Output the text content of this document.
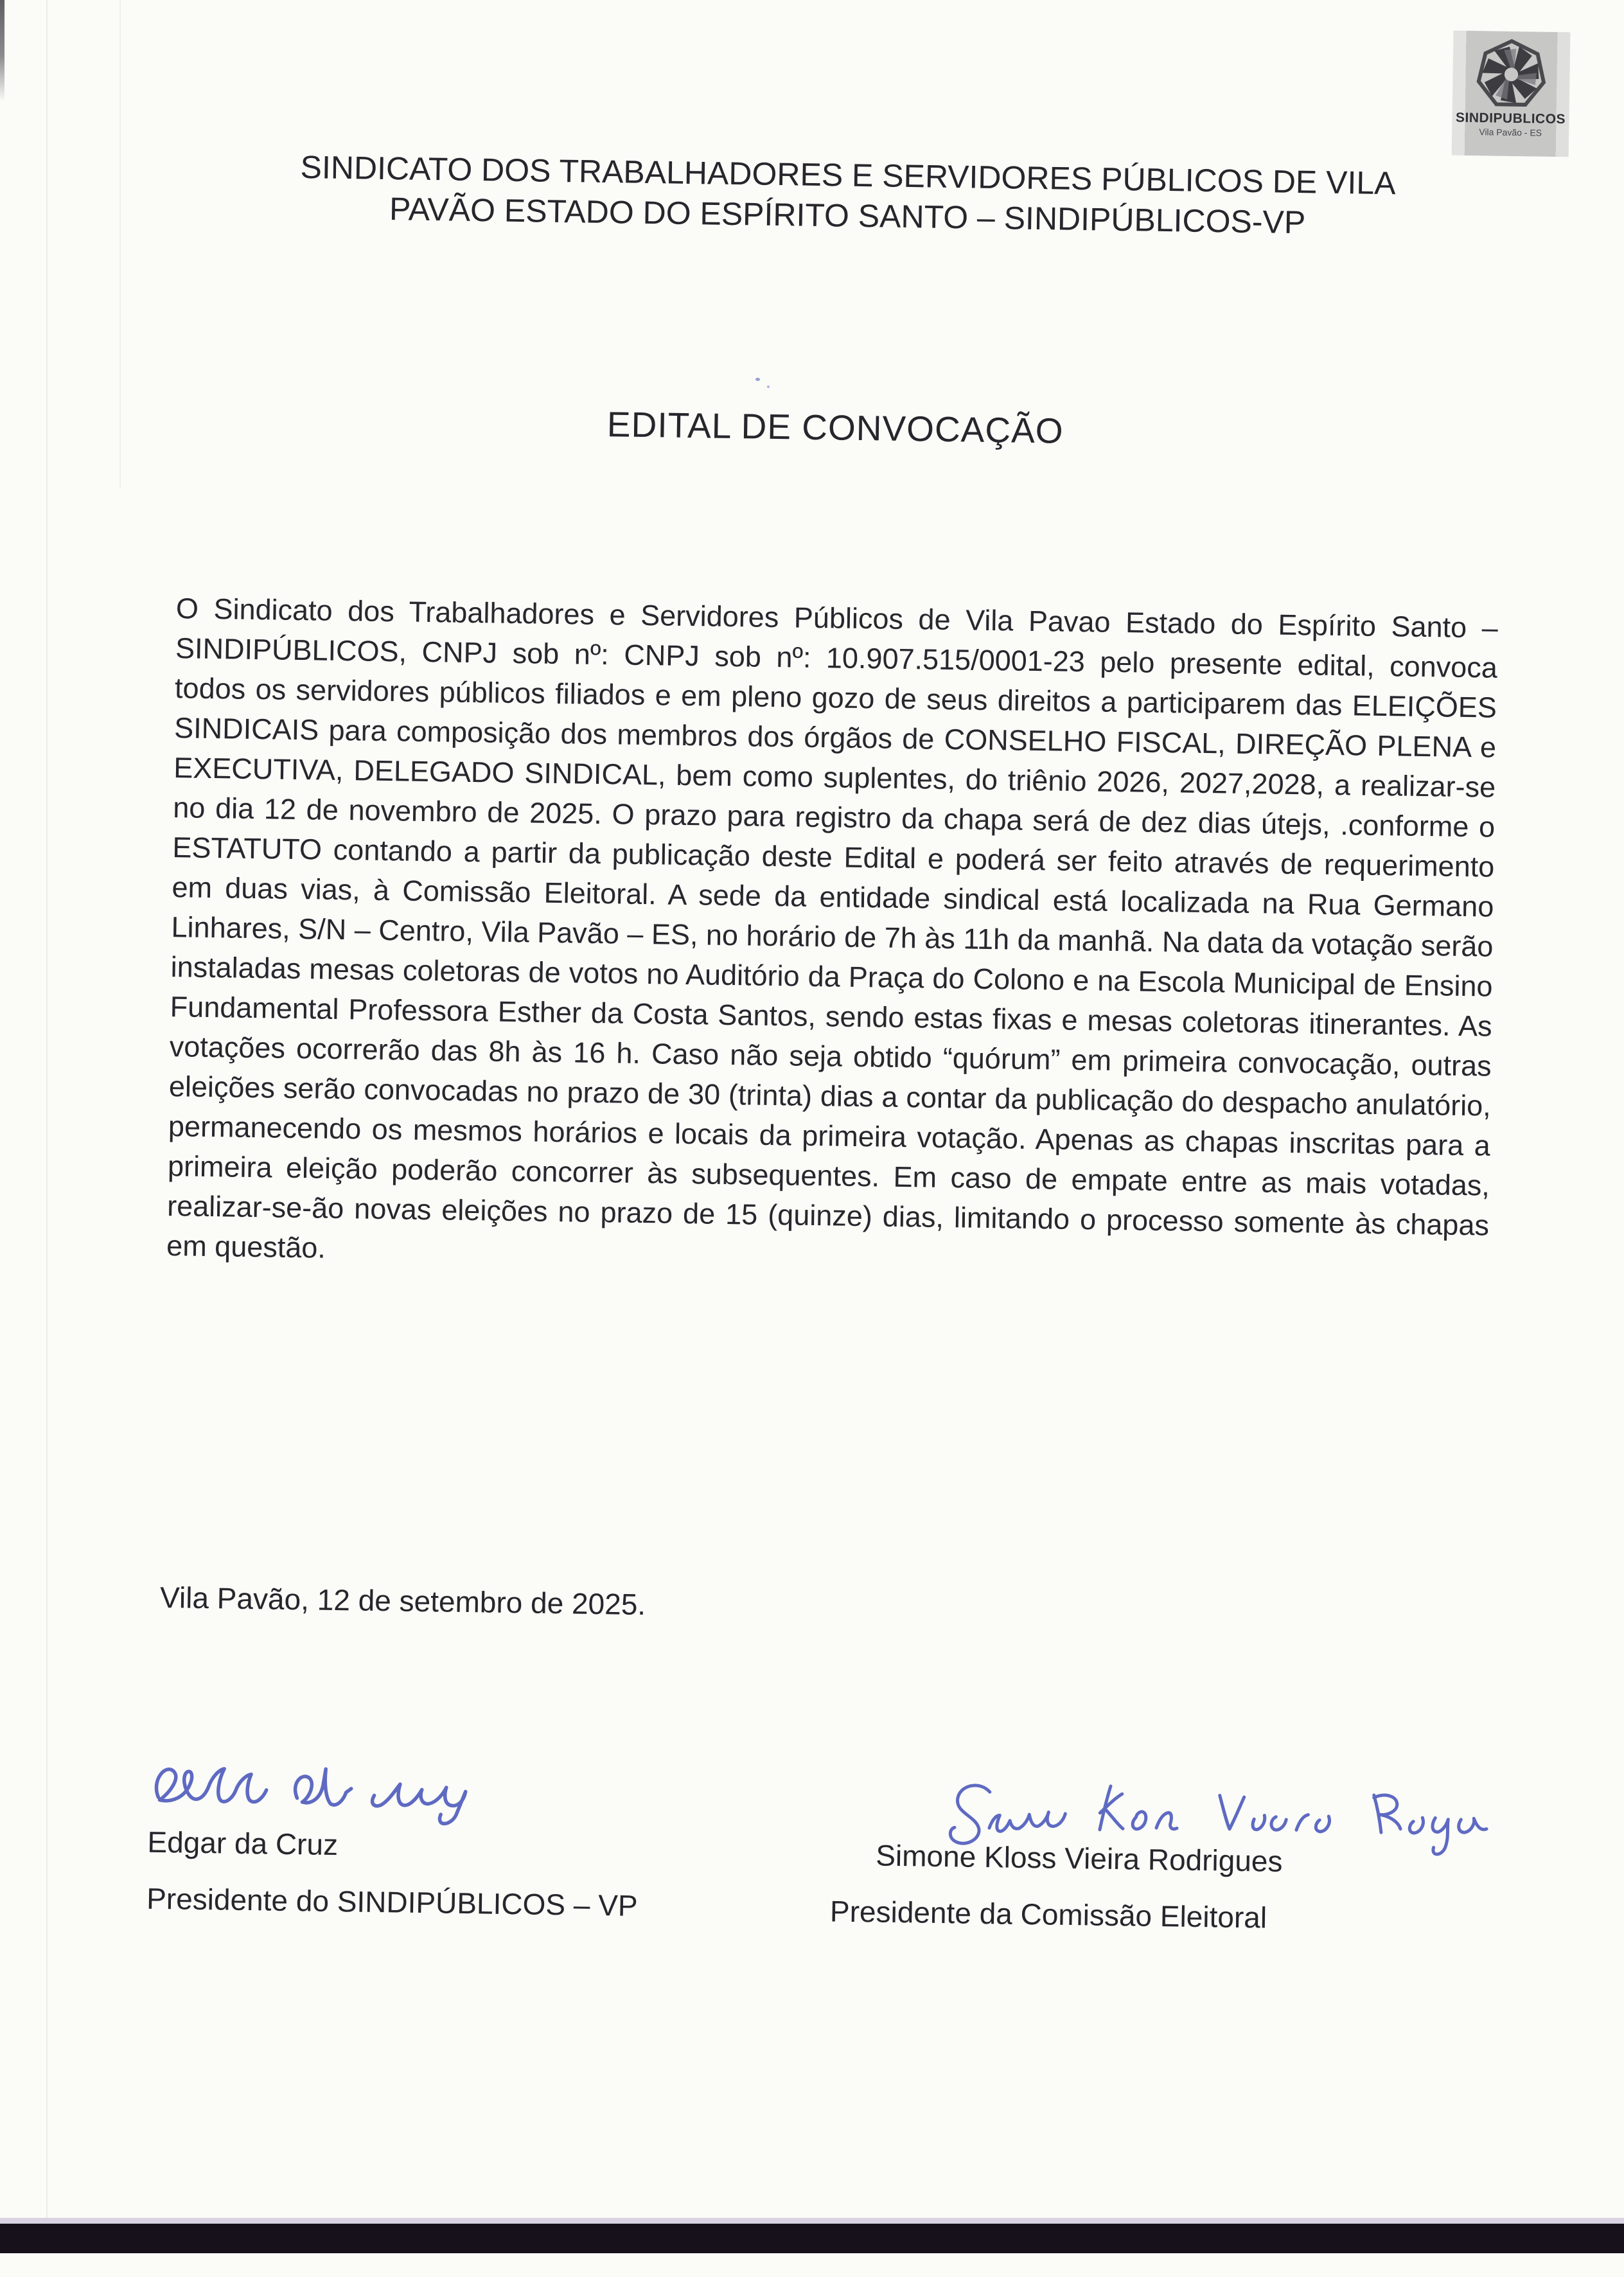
SINDIPUBLICOS
Vila Pavão - ES
SINDICATO DOS TRABALHADORES E SERVIDORES PÚBLICOS DE VILA
PAVÃO ESTADO DO ESPÍRITO SANTO – SINDIPÚBLICOS-VP
EDITAL DE CONVOCAÇÃO

O Sindicato dos Trabalhadores e Servidores Públicos de Vila Pavao Estado do Espírito Santo – SINDIPÚBLICOS, CNPJ sob nº: CNPJ sob nº: 10.907.515/0001-23 pelo presente edital, convoca todos os servidores públicos filiados e em pleno gozo de seus direitos a participarem das ELEIÇÕES SINDICAIS para composição dos membros dos órgãos de CONSELHO FISCAL, DIREÇÃO PLENA e EXECUTIVA, DELEGADO SINDICAL, bem como suplentes, do triênio 2026, 2027,2028, a realizar-se no dia 12 de novembro de 2025. O prazo para registro da chapa será de dez dias útejs, .conforme o ESTATUTO contando a partir da publicação deste Edital e poderá ser feito através de requerimento em duas vias, à Comissão Eleitoral. A sede da entidade sindical está localizada na Rua Germano Linhares, S/N – Centro, Vila Pavão – ES, no horário de 7h às 11h da manhã. Na data da votação serão instaladas mesas coletoras de votos no Auditório da Praça do Colono e na Escola Municipal de Ensino Fundamental Professora Esther da Costa Santos, sendo estas fixas e mesas coletoras itinerantes. As votações ocorrerão das 8h às 16 h. Caso não seja obtido “quórum” em primeira convocação, outras eleições serão convocadas no prazo de 30 (trinta) dias a contar da publicação do despacho anulatório, permanecendo os mesmos horários e locais da primeira votação. Apenas as chapas inscritas para a primeira eleição poderão concorrer às subsequentes. Em caso de empate entre as mais votadas, realizar-se-ão novas eleições no prazo de 15 (quinze) dias, limitando o processo somente às chapas em questão.

Vila Pavão, 12 de setembro de 2025.

Edgar da Cruz

Presidente do SINDIPÚBLICOS – VP

Simone Kloss Vieira Rodrigues

Presidente da Comissão Eleitoral
